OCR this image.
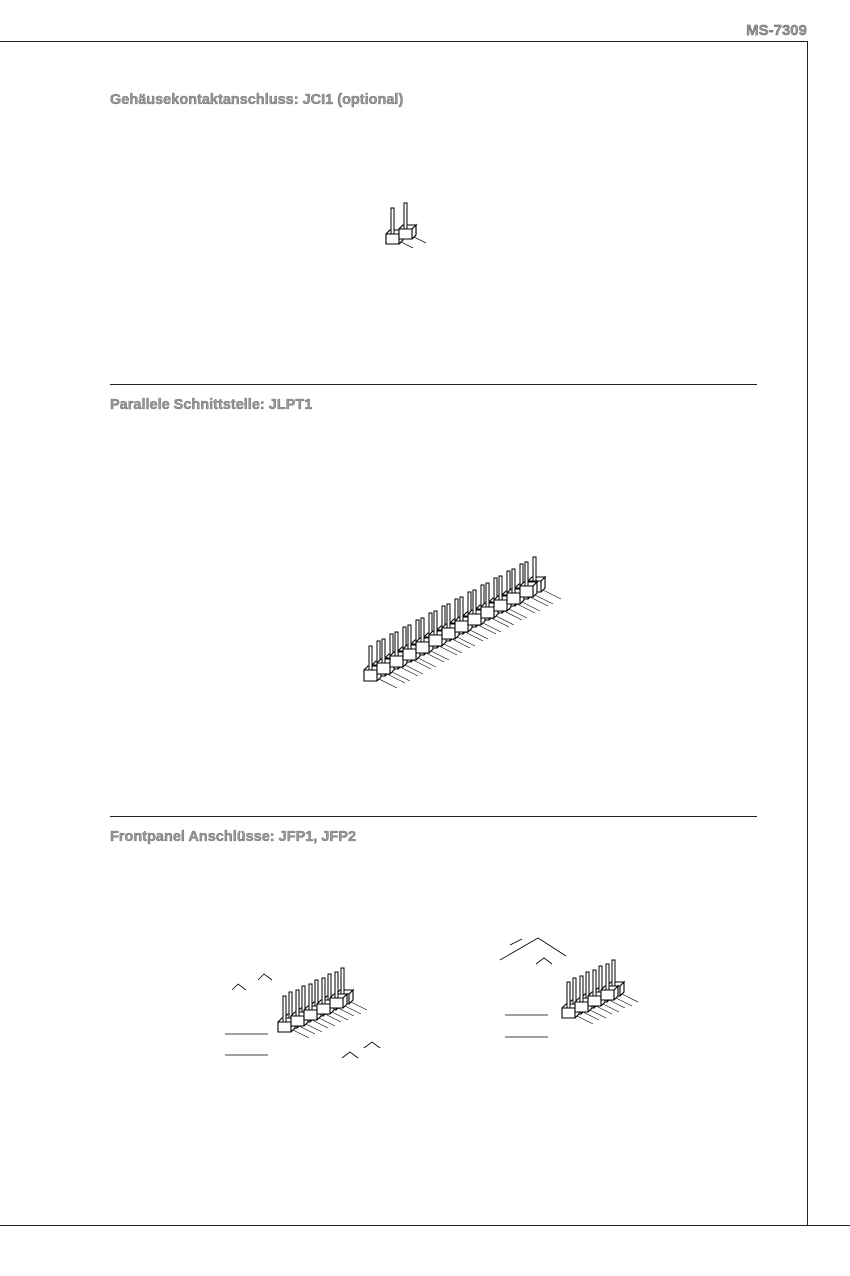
MS-7309
Gehäusekontaktanschluss: JCI1 (optional)
Parallele Schnittstelle: JLPT1
Frontpanel Anschlüsse: JFP1, JFP2
